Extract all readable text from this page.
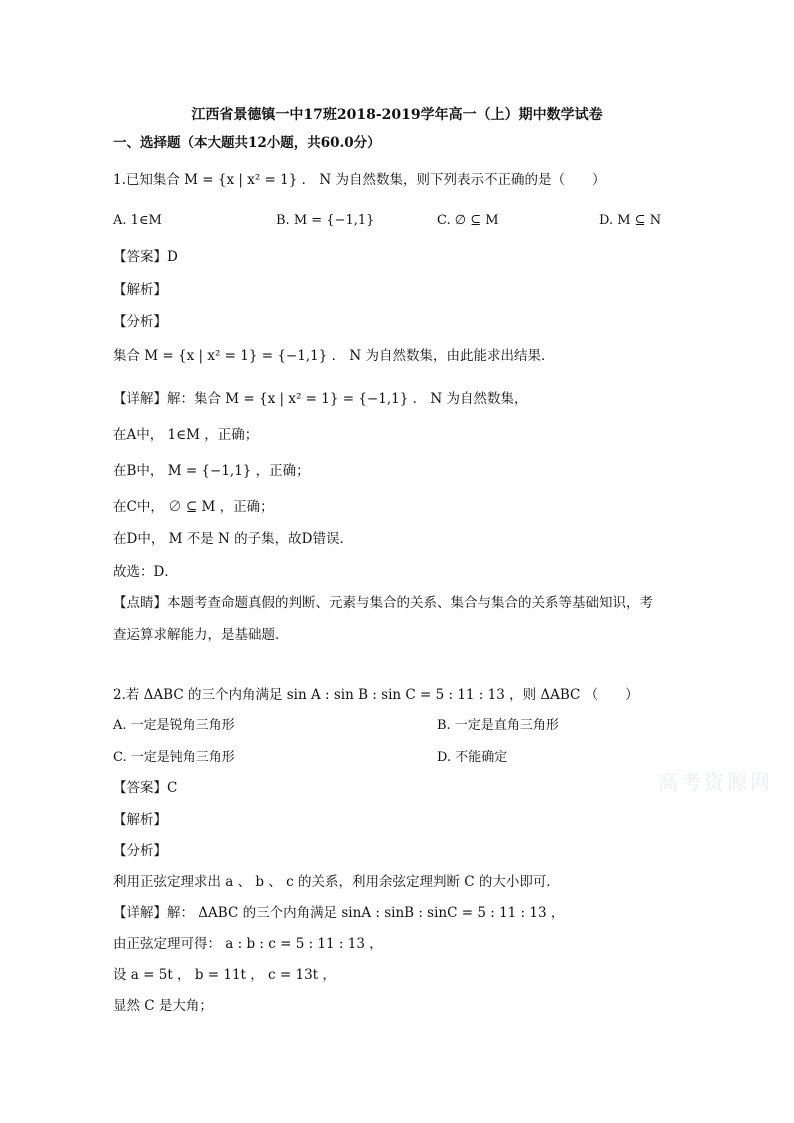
江西省景德镇一中17班2018-2019学年高一（上）期中数学试卷
一、选择题（本大题共12小题，共60.0分）
1.已知集合 M = {x | x² = 1} ． N 为自然数集，则下列表示不正确的是（　　）
A. 1∈M	B. M = {−1,1}	C. ∅ ⊆ M	D. M ⊆ N
【答案】D
【解析】
【分析】
集合 M = {x | x² = 1} = {−1,1} ． N 为自然数集，由此能求出结果．
【详解】解：集合 M = {x | x² = 1} = {−1,1} ． N 为自然数集，
在A中， 1∈M ，正确；
在B中， M = {−1,1} ，正确；
在C中， ∅ ⊆ M ，正确；
在D中， M 不是 N 的子集，故D错误．
故选：D．
【点睛】本题考查命题真假的判断、元素与集合的关系、集合与集合的关系等基础知识，考
查运算求解能力，是基础题．
2.若 ΔABC 的三个内角满足 sin A : sin B : sin C = 5 : 11 : 13 ，则 ΔABC （　　）
A. 一定是锐角三角形	B. 一定是直角三角形
C. 一定是钝角三角形	D. 不能确定
高考资源网
【答案】C
【解析】
【分析】
利用正弦定理求出 a 、 b 、 c 的关系，利用余弦定理判断 C 的大小即可．
【详解】解： ΔABC 的三个内角满足 sinA : sinB : sinC = 5 : 11 : 13 ，
由正弦定理可得： a : b : c = 5 : 11 : 13 ，
设 a = 5t ， b = 11t ， c = 13t ，
显然 C 是大角；
